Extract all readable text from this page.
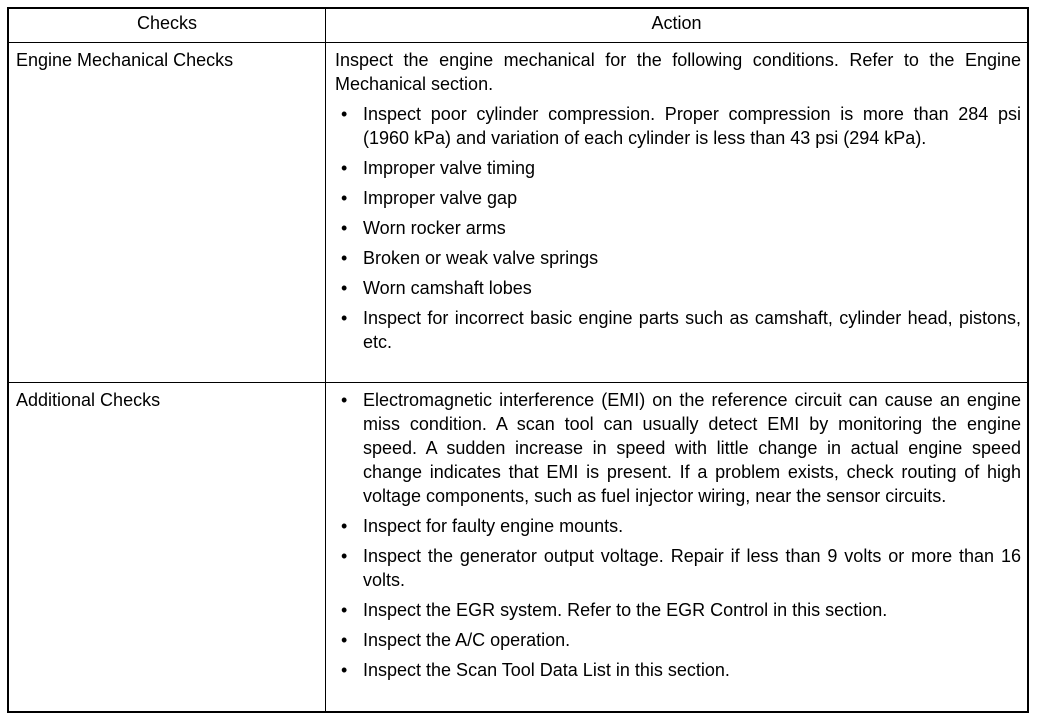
Checks	Action
Engine Mechanical Checks	Inspect the engine mechanical for the following conditions. Refer to the Engine Mechanical section.

• Inspect poor cylinder compression. Proper compression is more than 284 psi (1960 kPa) and variation of each cylinder is less than 43 psi (294 kPa).
• Improper valve timing
• Improper valve gap
• Worn rocker arms
• Broken or weak valve springs
• Worn camshaft lobes
• Inspect for incorrect basic engine parts such as camshaft, cylinder head, pistons, etc.
Additional Checks	• Electromagnetic interference (EMI) on the reference circuit can cause an engine miss condition. A scan tool can usually detect EMI by monitoring the engine speed. A sudden increase in speed with little change in actual engine speed change indicates that EMI is present. If a problem exists, check routing of high voltage components, such as fuel injector wiring, near the sensor circuits.
• Inspect for faulty engine mounts.
• Inspect the generator output voltage. Repair if less than 9 volts or more than 16 volts.
• Inspect the EGR system. Refer to the EGR Control in this section.
• Inspect the A/C operation.
• Inspect the Scan Tool Data List in this section.
